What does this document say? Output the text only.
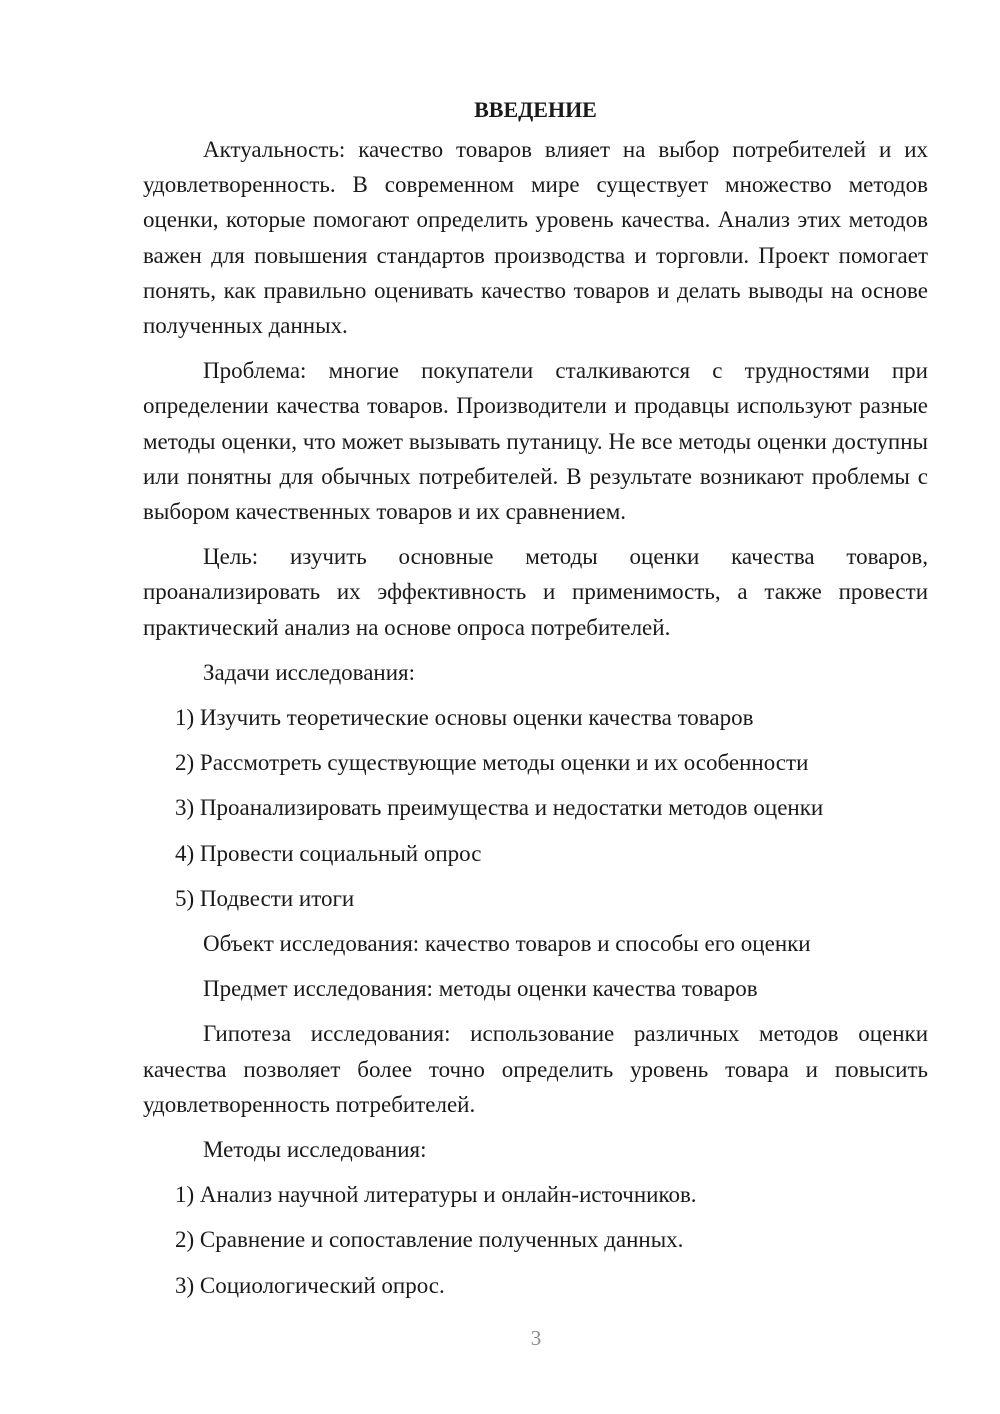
ВВЕДЕНИЕ

Актуальность: качество товаров влияет на выбор потребителей и их удовлетворенность. В современном мире существует множество методов оценки, которые помогают определить уровень качества. Анализ этих методов важен для повышения стандартов производства и торговли. Проект помогает понять, как правильно оценивать качество товаров и делать выводы на основе полученных данных.

Проблема: многие покупатели сталкиваются с трудностями при определении качества товаров. Производители и продавцы используют разные методы оценки, что может вызывать путаницу. Не все методы оценки доступны или понятны для обычных потребителей. В результате возникают проблемы с выбором качественных товаров и их сравнением.

Цель: изучить основные методы оценки качества товаров, проанализировать их эффективность и применимость, а также провести практический анализ на основе опроса потребителей.

Задачи исследования:
1) Изучить теоретические основы оценки качества товаров
2) Рассмотреть существующие методы оценки и их особенности
3) Проанализировать преимущества и недостатки методов оценки
4) Провести социальный опрос
5) Подвести итоги
Объект исследования: качество товаров и способы его оценки
Предмет исследования: методы оценки качества товаров

Гипотеза исследования: использование различных методов оценки качества позволяет более точно определить уровень товара и повысить удовлетворенность потребителей.

Методы исследования:
1) Анализ научной литературы и онлайн-источников.
2) Сравнение и сопоставление полученных данных.
3) Социологический опрос.
3
